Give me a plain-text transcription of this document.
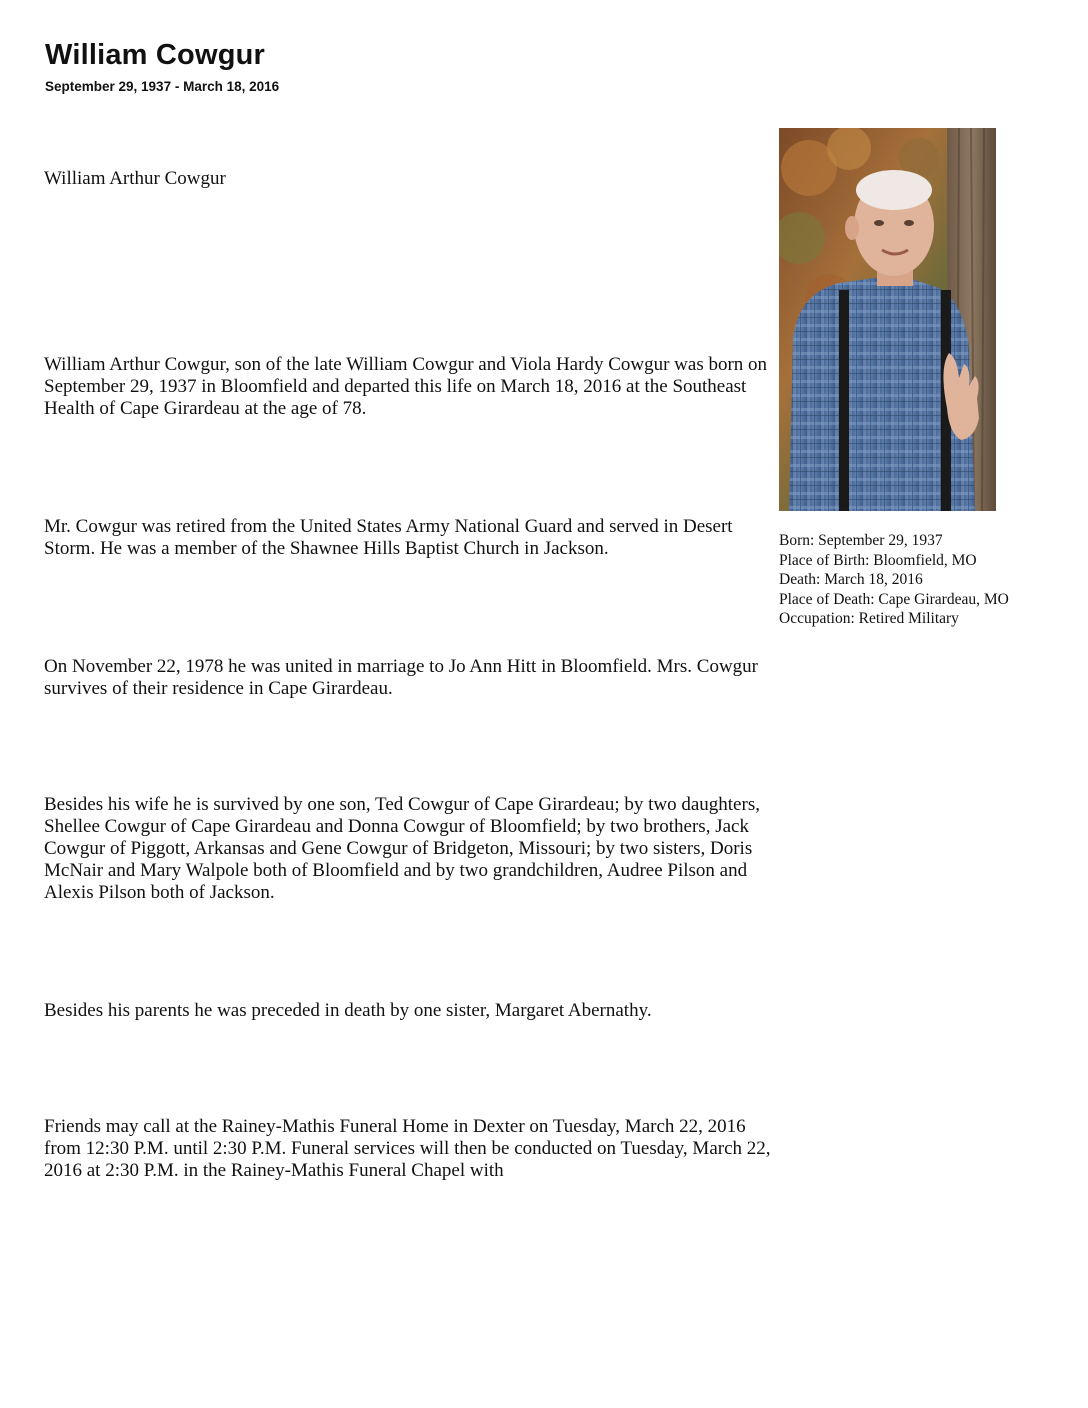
William Cowgur
September 29, 1937 - March 18, 2016

William Arthur Cowgur

William Arthur Cowgur, son of the late William Cowgur and Viola Hardy Cowgur was born on September 29, 1937 in Bloomfield and departed this life on March 18, 2016 at the Southeast Health of Cape Girardeau at the age of 78.

Mr. Cowgur was retired from the United States Army National Guard and served in Desert Storm. He was a member of the Shawnee Hills Baptist Church in Jackson.

On November 22, 1978 he was united in marriage to Jo Ann Hitt in Bloomfield. Mrs. Cowgur survives of their residence in Cape Girardeau.

Besides his wife he is survived by one son, Ted Cowgur of Cape Girardeau; by two daughters, Shellee Cowgur of Cape Girardeau and Donna Cowgur of Bloomfield; by two brothers, Jack Cowgur of Piggott, Arkansas and Gene Cowgur of Bridgeton, Missouri; by two sisters, Doris McNair and Mary Walpole both of Bloomfield and by two grandchildren, Audree Pilson and Alexis Pilson both of Jackson.

Besides his parents he was preceded in death by one sister, Margaret Abernathy.

Friends may call at the Rainey-Mathis Funeral Home in Dexter on Tuesday, March 22, 2016 from 12:30 P.M. until 2:30 P.M. Funeral services will then be conducted on Tuesday, March 22, 2016 at 2:30 P.M. in the Rainey-Mathis Funeral Chapel with

Born: September 29, 1937
Place of Birth: Bloomfield, MO
Death: March 18, 2016
Place of Death: Cape Girardeau, MO
Occupation: Retired Military
